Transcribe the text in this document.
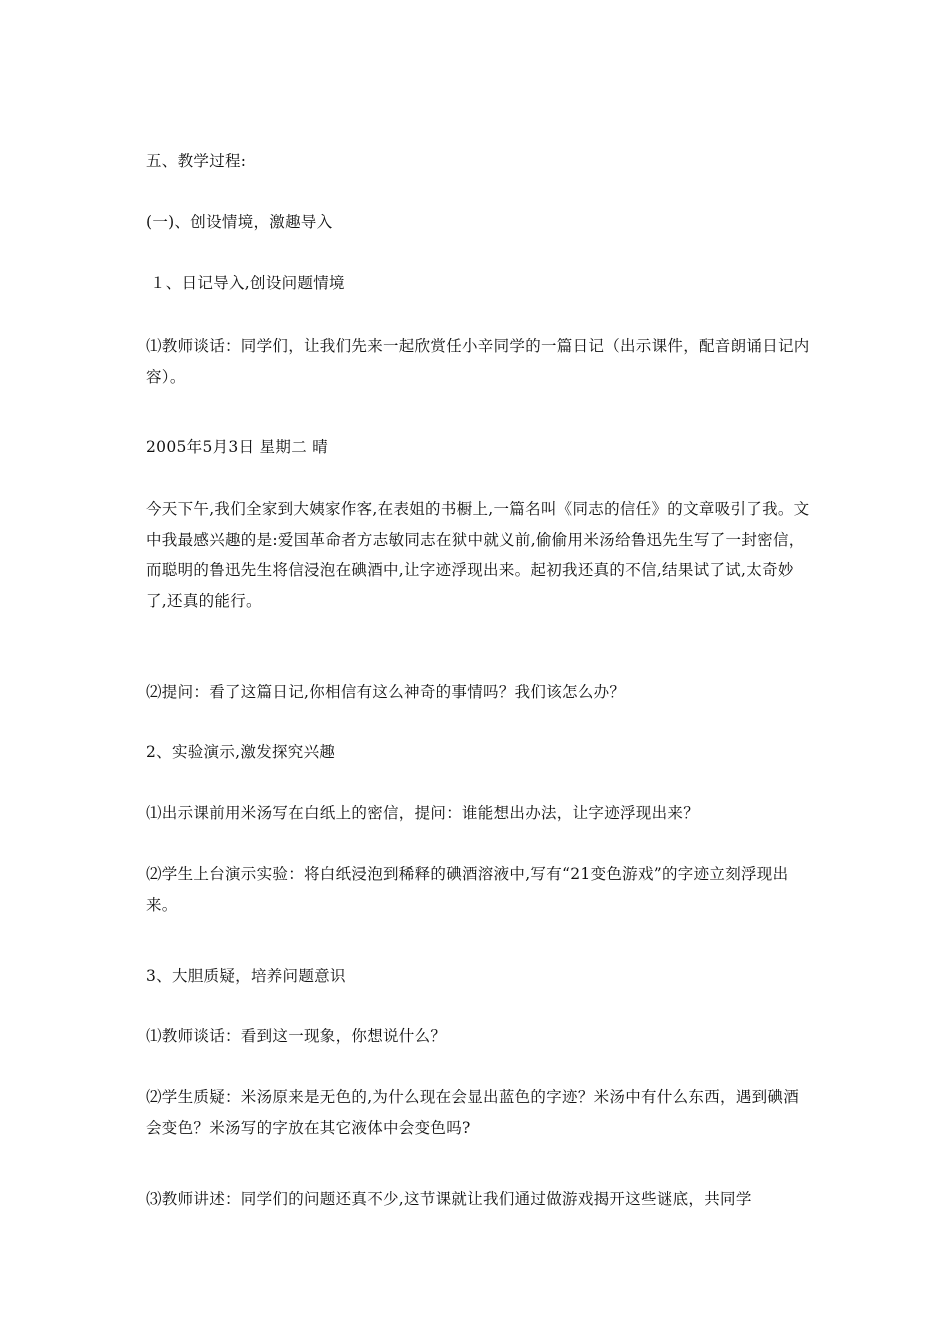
五、教学过程:

(一)、创设情境，激趣导入

１、日记导入,创设问题情境

⑴教师谈话：同学们，让我们先来一起欣赏任小辛同学的一篇日记（出示课件，配音朗诵日记内容）。

2005年5月3日 星期二 晴

今天下午,我们全家到大姨家作客,在表姐的书橱上,一篇名叫《同志的信任》的文章吸引了我。文中我最感兴趣的是:爱国革命者方志敏同志在狱中就义前,偷偷用米汤给鲁迅先生写了一封密信，而聪明的鲁迅先生将信浸泡在碘酒中,让字迹浮现出来。起初我还真的不信,结果试了试,太奇妙了,还真的能行。

⑵提问：看了这篇日记,你相信有这么神奇的事情吗？我们该怎么办？

2、实验演示,激发探究兴趣

⑴出示课前用米汤写在白纸上的密信，提问：谁能想出办法，让字迹浮现出来？

⑵学生上台演示实验：将白纸浸泡到稀释的碘酒溶液中,写有“21变色游戏”的字迹立刻浮现出来。

3、大胆质疑，培养问题意识

⑴教师谈话：看到这一现象，你想说什么？

⑵学生质疑：米汤原来是无色的,为什么现在会显出蓝色的字迹？米汤中有什么东西，遇到碘酒会变色？米汤写的字放在其它液体中会变色吗?

⑶教师讲述：同学们的问题还真不少,这节课就让我们通过做游戏揭开这些谜底，共同学
